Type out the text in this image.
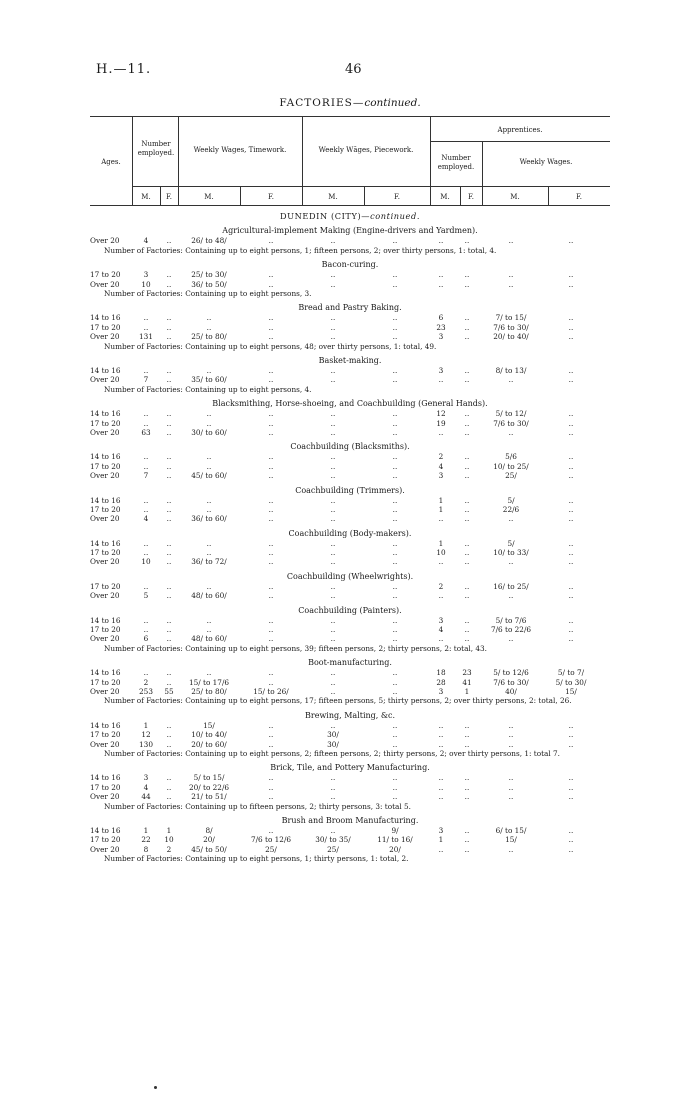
H.—11.	46
FACTORIES—continued.
Ages.
Number employed.	Weekly Wages, Timework.	Weekly Wāges, Piecework.
Apprentices.
Number employed.
Weekly Wages.
M.	F.	M.	F.	M.	F.	M.	F.	M.	F.
DUNEDIN (CITY)—continued.
Agricultural-implement Making (Engine-drivers and Yardmen).
Over 20	4	..	26/ to 48/	..	..	..	..	..	..	..
Number of Factories: Containing up to eight persons, 1; fifteen persons, 2; over thirty persons, 1: total, 4.
Bacon-curing.
17 to 20	3	..	25/ to 30/	..	..	..	..	..	..	..
Over 20	10	..	36/ to 50/	..	..	..	..	..	..	..
Number of Factories: Containing up to eight persons, 3.
Bread and Pastry Baking.
14 to 16	..	..	..	..	..	..	6	..	7/ to 15/	..
17 to 20	..	..	..	..	..	..	23	..	7/6 to 30/	..
Over 20	131	..	25/ to 80/	..	..	..	3	..	20/ to 40/	..
Number of Factories: Containing up to eight persons, 48; over thirty persons, 1: total, 49.
Basket-making.
14 to 16	..	..	..	..	..	..	3	..	8/ to 13/	..
Over 20	7	..	35/ to 60/	..	..	..	..	..	..	..
Number of Factories: Containing up to eight persons, 4.
Blacksmithing, Horse-shoeing, and Coachbuilding (General Hands).
14 to 16	..	..	..	..	..	..	12	..	5/ to 12/	..
17 to 20	..	..	..	..	..	..	19	..	7/6 to 30/	..
Over 20	63	..	30/ to 60/	..	..	..	..	..	..	..
Coachbuilding (Blacksmiths).
14 to 16	..	..	..	..	..	..	2	..	5/6	..
17 to 20	..	..	..	..	..	..	4	..	10/ to 25/	..
Over 20	7	..	45/ to 60/	..	..	..	3	..	25/	..
Coachbuilding (Trimmers).
14 to 16	..	..	..	..	..	..	1	..	5/	..
17 to 20	..	..	..	..	..	..	1	..	22/6	..
Over 20	4	..	36/ to 60/	..	..	..	..	..	..	..
Coachbuilding (Body-makers).
14 to 16	..	..	..	..	..	..	1	..	5/	..
17 to 20	..	..	..	..	..	..	10	..	10/ to 33/	..
Over 20	10	..	36/ to 72/	..	..	..	..	..	..	..
Coachbuilding (Wheelwrights).
17 to 20	..	..	..	..	..	..	2	..	16/ to 25/	..
Over 20	5	..	48/ to 60/	..	..	..	..	..	..	..
Coachbuilding (Painters).
14 to 16	..	..	..	..	..	..	3	..	5/ to 7/6	..
17 to 20	..	..	..	..	..	..	4	..	7/6 to 22/6	..
Over 20	6	..	48/ to 60/	..	..	..	..	..	..	..
Number of Factories: Containing up to eight persons, 39; fifteen persons, 2; thirty persons, 2: total, 43.
Boot-manufacturing.
14 to 16	..	..	..	..	..	..	18	23	5/ to 12/6	5/ to 7/
17 to 20	2	..	15/ to 17/6	..	..	..	28	41	7/6 to 30/	5/ to 30/
Over 20	253	55	25/ to 80/	15/ to 26/	..	..	3	1	40/	15/
Number of Factories: Containing up to eight persons, 17; fifteen persons, 5; thirty persons, 2; over thirty persons, 2: total, 26.
Brewing, Malting, &c.
14 to 16	1	..	15/	..	..	..	..	..	..	..
17 to 20	12	..	10/ to 40/	..	30/	..	..	..	..	..
Over 20	130	..	20/ to 60/	..	30/	..	..	..	..	..
Number of Factories: Containing up to eight persons, 2; fifteen persons, 2; thirty persons, 2; over thirty persons, 1: total 7.
Brick, Tile, and Pottery Manufacturing.
14 to 16	3	..	5/ to 15/	..	..	..	..	..	..	..
17 to 20	4	..	20/ to 22/6	..	..	..	..	..	..	..
Over 20	44	..	21/ to 51/	..	..	..	..	..	..	..
Number of Factories: Containing up to fifteen persons, 2; thirty persons, 3: total 5.
Brush and Broom Manufacturing.
14 to 16	1	1	8/	..	..	9/	3	..	6/ to 15/	..
17 to 20	22	10	20/	7/6 to 12/6	30/ to 35/	11/ to 16/	1	..	15/	..
Over 20	8	2	45/ to 50/	25/	25/	20/	..	..	..	..
Number of Factories: Containing up to eight persons, 1; thirty persons, 1: total, 2.
